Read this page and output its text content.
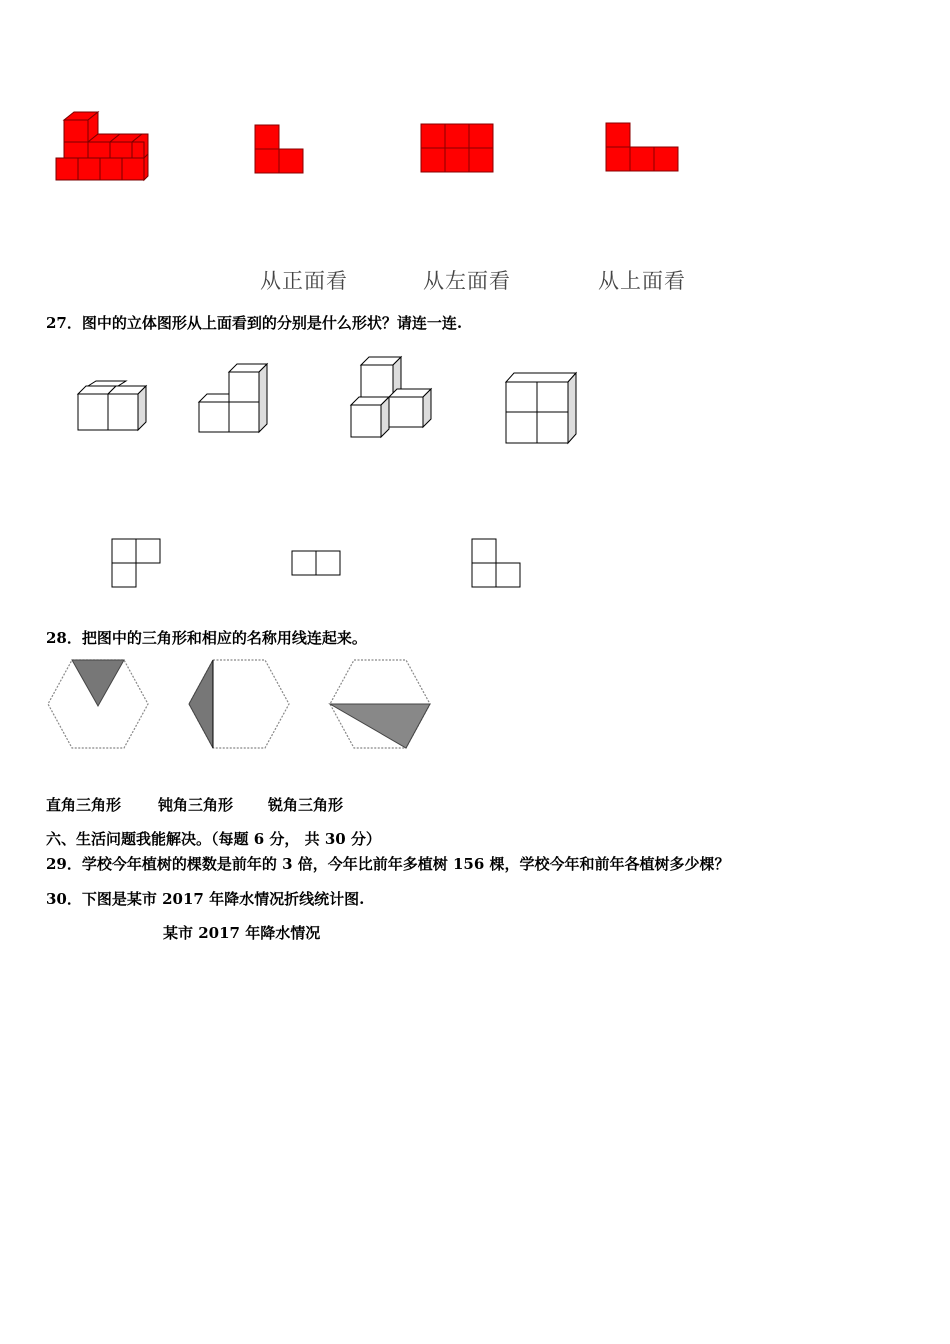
从正面看	从左面看	从上面看
27．图中的立体图形从上面看到的分别是什么形状？请连一连.
28．把图中的三角形和相应的名称用线连起来。
直角三角形 钝角三角形 锐角三角形
六、生活问题我能解决。（每题 6 分， 共 30 分）
29．学校今年植树的棵数是前年的 3 倍，今年比前年多植树 156 棵，学校今年和前年各植树多少棵？
30．下图是某市 2017 年降水情况折线统计图.
某市 2017 年降水情况
